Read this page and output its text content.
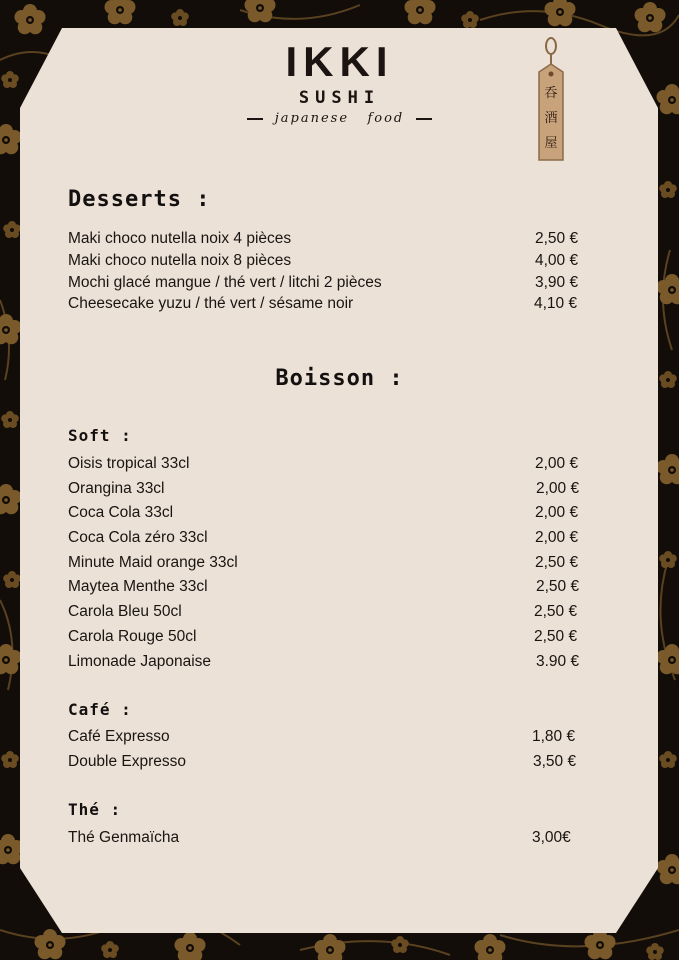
IKKI
SUSHI
japanese   food
呑
酒
屋
Desserts :
Maki choco nutella noix 4 pièces	2,50 €
Maki choco nutella noix 8 pièces	4,00 €
Mochi glacé mangue / thé vert / litchi 2 pièces	3,90 €
Cheesecake yuzu / thé vert / sésame noir	4,10 €
Boisson :
Soft :
Oisis tropical 33cl	2,00 €
Orangina 33cl	2,00 €
Coca Cola 33cl	2,00 €
Coca Cola zéro 33cl	2,00 €
Minute Maid orange 33cl	2,50 €
Maytea Menthe 33cl	2,50 €
Carola Bleu 50cl	2,50 €
Carola Rouge 50cl	2,50 €
Limonade Japonaise	3.90 €
Café :
Café Expresso	1,80 €
Double Expresso	3,50 €
Thé :
Thé Genmaïcha	3,00€
